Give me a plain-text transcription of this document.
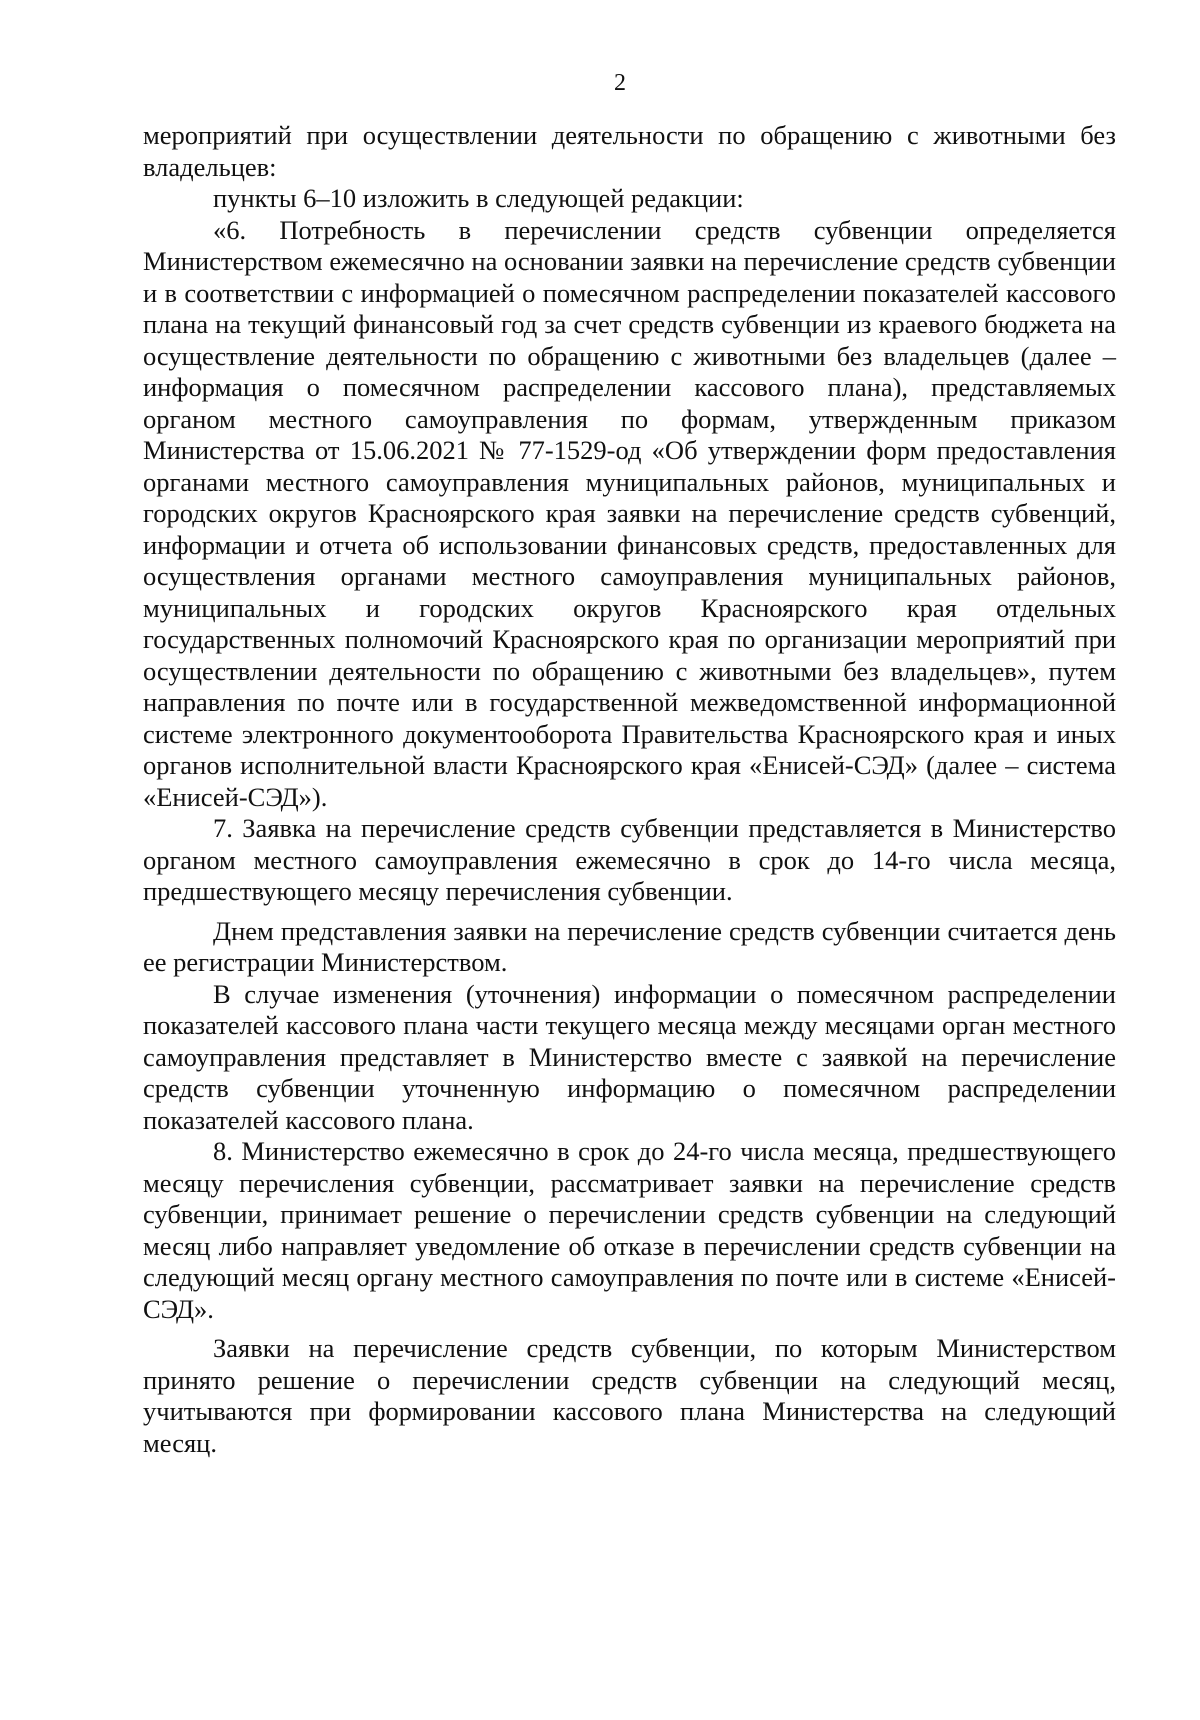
2

мероприятий при осуществлении деятельности по обращению с животными без владельцев:

пункты 6–10 изложить в следующей редакции:

«6. Потребность в перечислении средств субвенции определяется Министерством ежемесячно на основании заявки на перечисление средств субвенции и в соответствии с информацией о помесячном распределении показателей кассового плана на текущий финансовый год за счет средств субвенции из краевого бюджета на осуществление деятельности по обращению с животными без владельцев (далее – информация о помесячном распределении кассового плана), представляемых органом местного самоуправления по формам, утвержденным приказом Министерства от 15.06.2021 № 77-1529-од «Об утверждении форм предоставления органами местного самоуправления муниципальных районов, муниципальных и городских округов Красноярского края заявки на перечисление средств субвенций, информации и отчета об использовании финансовых средств, предоставленных для осуществления органами местного самоуправления муниципальных районов, муниципальных и городских округов Красноярского края отдельных государственных полномочий Красноярского края по организации мероприятий при осуществлении деятельности по обращению с животными без владельцев», путем направления по почте или в государственной межведомственной информационной системе электронного документооборота Правительства Красноярского края и иных органов исполнительной власти Красноярского края «Енисей-СЭД» (далее – система «Енисей-СЭД»).

7. Заявка на перечисление средств субвенции представляется в Министерство органом местного самоуправления ежемесячно в срок до 14-го числа месяца, предшествующего месяцу перечисления субвенции.

Днем представления заявки на перечисление средств субвенции считается день ее регистрации Министерством.

В случае изменения (уточнения) информации о помесячном распределении показателей кассового плана части текущего месяца между месяцами орган местного самоуправления представляет в Министерство вместе с заявкой на перечисление средств субвенции уточненную информацию о помесячном распределении показателей кассового плана.

8. Министерство ежемесячно в срок до 24-го числа месяца, предшествующего месяцу перечисления субвенции, рассматривает заявки на перечисление средств субвенции, принимает решение о перечислении средств субвенции на следующий месяц либо направляет уведомление об отказе в перечислении средств субвенции на следующий месяц органу местного самоуправления по почте или в системе «Енисей-СЭД».

Заявки на перечисление средств субвенции, по которым Министерством принято решение о перечислении средств субвенции на следующий месяц, учитываются при формировании кассового плана Министерства на следующий месяц.
